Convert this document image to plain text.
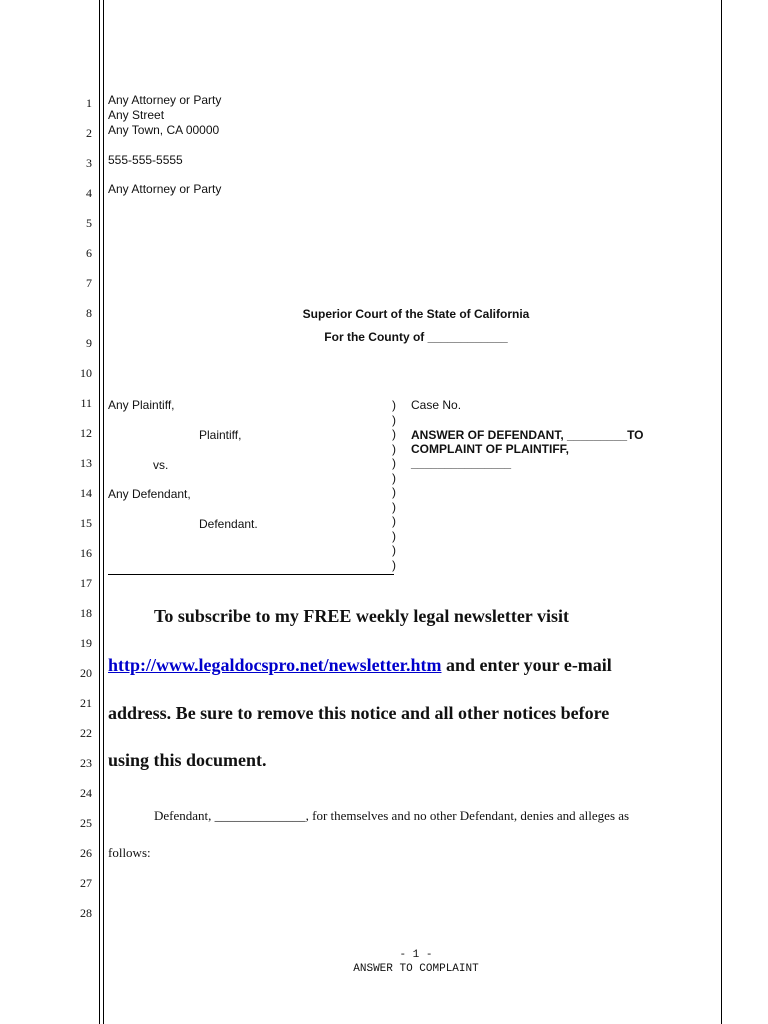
1
2
3
4
5
6
7
8
9
10
11
12
13
14
15
16
17
18
19
20
21
22
23
24
25
26
27
28
Any Attorney or Party
Any Street
Any Town, CA 00000
555-555-5555
Any Attorney or Party
Superior Court of the State of California
For the County of ____________
Any Plaintiff,
Plaintiff,
vs.
Any Defendant,
Defendant.
)
)
)
)
)
)
)
)
)
)
)
)
Case No.
ANSWER OF DEFENDANT, _________TO
COMPLAINT OF PLAINTIFF,
_______________
To subscribe to my FREE weekly legal newsletter visit
http://www.legaldocspro.net/newsletter.htm and enter your e-mail
address. Be sure to remove this notice and all other notices before
using this document.
Defendant, ______________, for themselves and no other Defendant, denies and alleges as
follows:
- 1 -
ANSWER TO COMPLAINT
